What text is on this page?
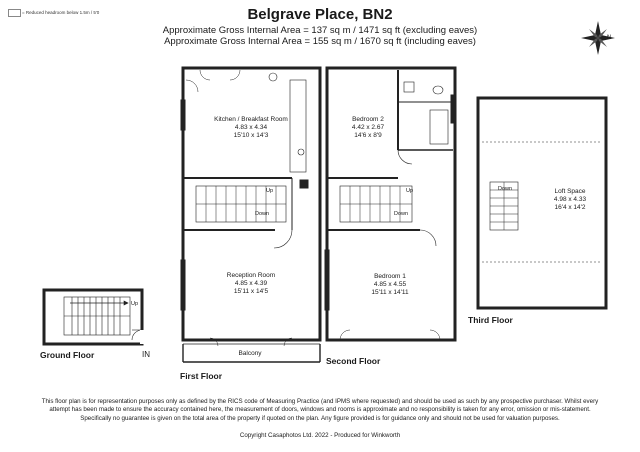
Belgrave Place, BN2
Approximate Gross Internal Area = 137 sq m / 1471 sq ft (excluding eaves)
Approximate Gross Internal Area = 155 sq m / 1670 sq ft (including eaves)
= Reduced headroom below 1.5m / 5'0
Kitchen / Breakfast Room
4.83 x 4.34
15'10 x 14'3
Reception Room
4.85 x 4.39
15'11 x 14'5
Bedroom 2
4.42 x 2.67
14'6 x 8'9
Bedroom 1
4.85 x 4.55
15'11 x 14'11
Loft Space
4.98 x 4.33
16'4 x 14'2
Balcony
Up
Up
Down
Up
Down
Down
IN
N
Ground Floor
First Floor
Second Floor
Third Floor
This floor plan is for representation purposes only as defined by the RICS code of Measuring Practice (and IPMS where requested) and should be used as such by any prospective purchaser. Whilst every attempt has been made to ensure the accuracy contained here, the measurement of doors, windows and rooms is approximate and no responsibility is taken for any error, omission or mis-statement. Specifically no guarantee is given on the total area of the property if quoted on the plan. Any figure provided is for guidance only and should not be used for valuation purposes.
Copyright Casaphotos Ltd. 2022 - Produced for Winkworth
